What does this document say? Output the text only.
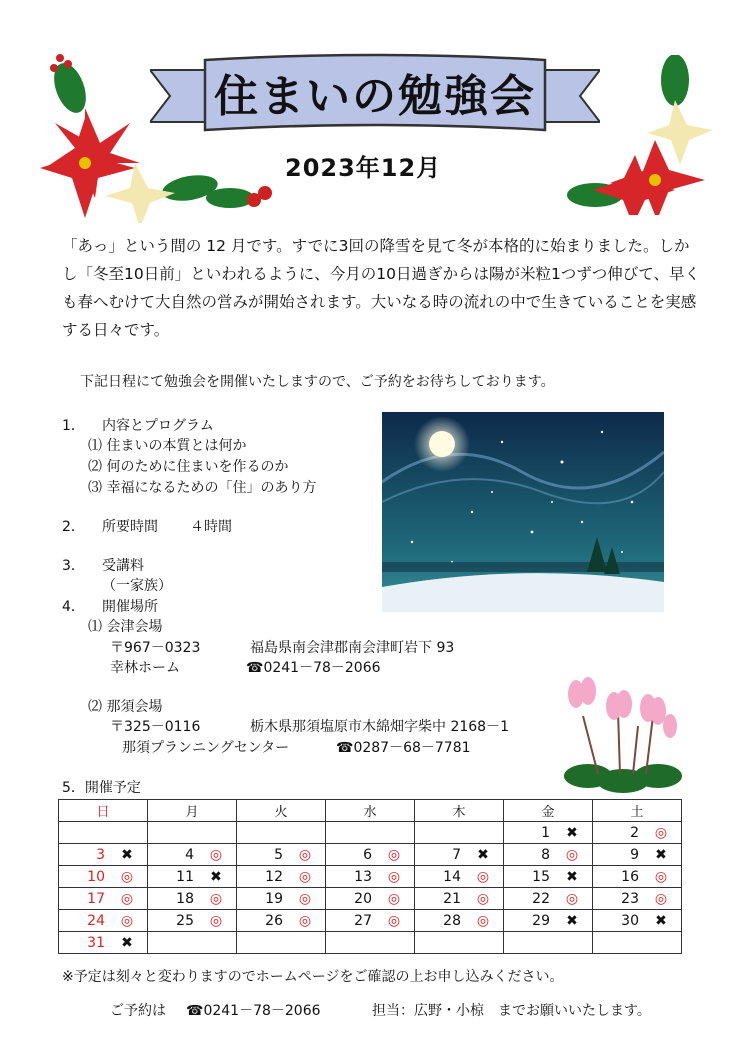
住まいの勉強会
2023年12月
「あっ」という間の 12 月です。すでに3回の降雪を見て冬が本格的に始まりました。しかし「冬至10日前」といわれるように、今月の10日過ぎからは陽が米粒1つずつ伸びて、早くも春へむけて大自然の営みが開始されます。大いなる時の流れの中で生きていることを実感する日々です。
下記日程にて勉強会を開催いたしますので、ご予約をお待ちしております。
1． 内容とプログラム
⑴ 住まいの本質とは何か
⑵ 何のために住まいを作るのか
⑶ 幸福になるための「住」のあり方
2． 所要時間 ４時間
3． 受講料
（一家族）
4． 開催場所
⑴ 会津会場
〒967－0323	福島県南会津郡南会津町岩下 93
幸林ホーム	☎0241－78－2066
⑵ 那須会場
〒325－0116	栃木県那須塩原市木綿畑字柴中 2168－1
那須プランニングセンター	☎0287－68－7781
5．開催予定
日	月	火	水	木	金	土
					1 ✖	2 ◎
3 ✖	4 ◎	5 ◎	6 ◎	7 ✖	8 ◎	9 ✖
10 ◎	11 ✖	12 ◎	13 ◎	14 ◎	15 ✖	16 ◎
17 ◎	18 ◎	19 ◎	20 ◎	21 ◎	22 ◎	23 ◎
24 ◎	25 ◎	26 ◎	27 ◎	28 ◎	29 ✖	30 ✖
31 ✖						
※予定は刻々と変わりますのでホームページをご確認の上お申し込みください。
ご予約は ☎0241－78－2066	担当：広野・小椋　までお願いいたします。
